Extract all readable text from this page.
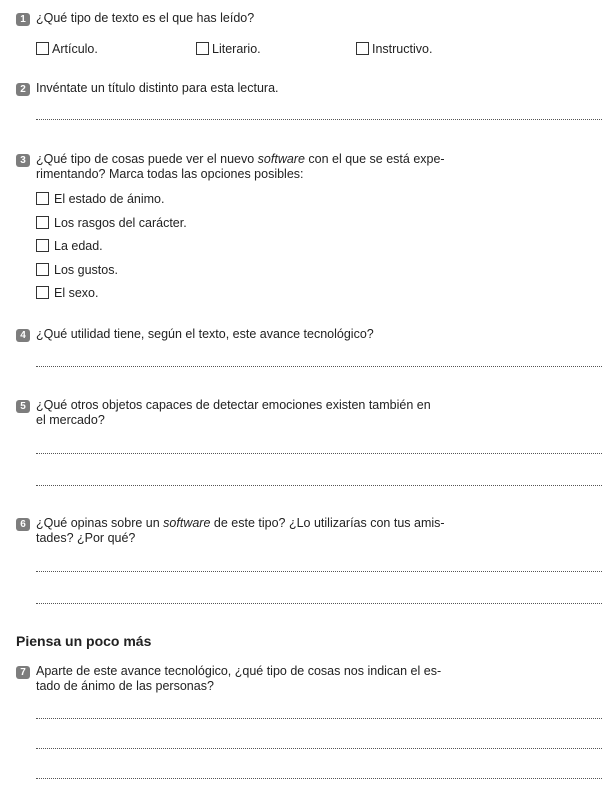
1 ¿Qué tipo de texto es el que has leído?
Artículo.	Literario.	Instructivo.
2 Invéntate un título distinto para esta lectura.
3 ¿Qué tipo de cosas puede ver el nuevo software con el que se está expe-
rimentando? Marca todas las opciones posibles:
El estado de ánimo.
Los rasgos del carácter.
La edad.
Los gustos.
El sexo.
4 ¿Qué utilidad tiene, según el texto, este avance tecnológico?
5 ¿Qué otros objetos capaces de detectar emociones existen también en
el mercado?
6 ¿Qué opinas sobre un software de este tipo? ¿Lo utilizarías con tus amis-
tades? ¿Por qué?
Piensa un poco más
7 Aparte de este avance tecnológico, ¿qué tipo de cosas nos indican el es-
tado de ánimo de las personas?
